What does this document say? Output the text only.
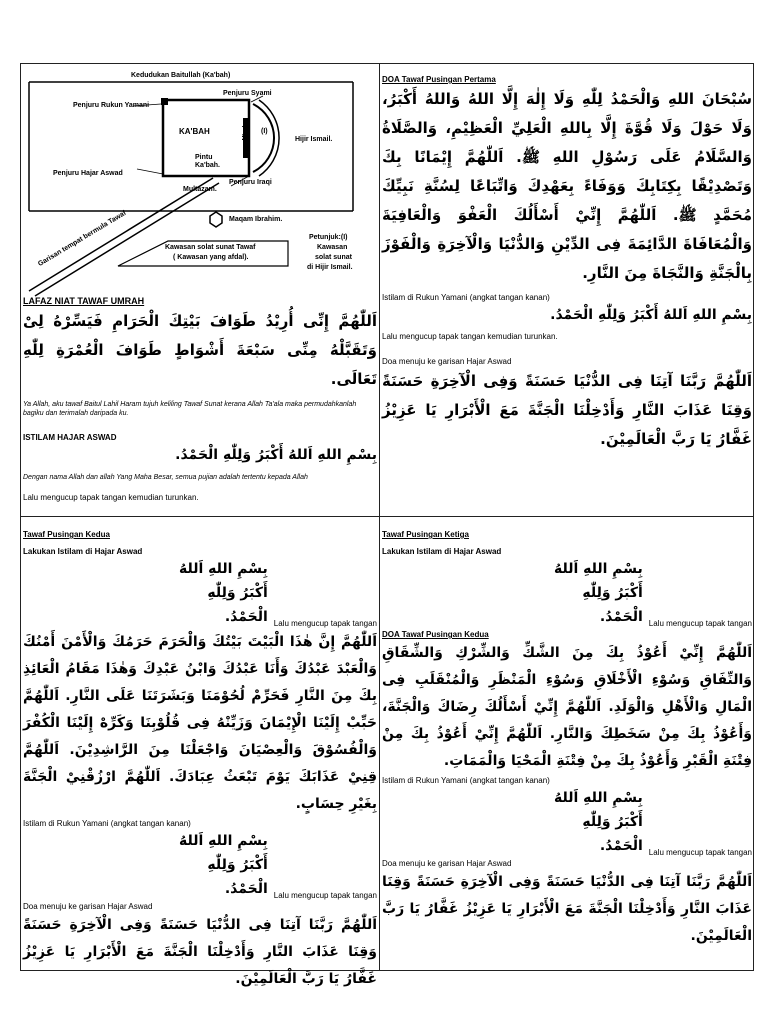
Kedudukan Baitullah (Ka'bah)
Penjuru Rukun Yamani
Penjuru Syami
KA'BAH	Mizab (I)
Hijir Ismail.
Pintu Ka'bah.
Penjuru Hajar Aswad
Penjuru Iraqi
Multazam.
Maqam Ibrahim.
Garisan tempat bermula Tawaf	Kawasan solat sunat Tawaf
( Kawasan yang afdal).
Petunjuk:(I)
Kawasan
solat sunat
di Hijir Ismail.

LAFAZ NIAT TAWAF UMRAH

اَللّٰهُمَّ إِنِّى أُرِيْدُ طَوَافَ بَيْتِكَ الْحَرَامِ فَيَسِّرْهُ لِىْ وَتَقَبَّلْهُ مِنِّى سَبْعَةَ أَشْوَاطٍ طَوَافَ الْعُمْرَةِ لِلّٰهِ تَعَالَى.

Ya Allah, aku tawaf Baitul Lahil Haram tujuh keliling Tawaf Sunat kerana Allah Ta'ala maka permudahkanlah bagiku dan terimalah daripada ku.

ISTILAM HAJAR ASWAD

بِسْمِ اللهِ اَللهُ أَكْبَرُ وَلِلّٰهِ الْحَمْدُ.

Dengan nama Allah dan allah Yang Maha Besar, semua pujian adalah tertentu kepada Allah

Lalu mengucup tapak tangan kemudian turunkan.

DOA Tawaf Pusingan Pertama

سُبْحَانَ اللهِ وَالْحَمْدُ لِلّٰهِ وَلَا إِلٰهَ إِلَّا اللهُ وَاللهُ أَكْبَرُ، وَلَا حَوْلَ وَلَا قُوَّةَ إِلَّا بِاللهِ الْعَلِيِّ الْعَظِيْمِ، وَالصَّلَاةُ وَالسَّلَامُ عَلَى رَسُوْلِ اللهِ ﷺ. اَللّٰهُمَّ إِيْمَانًا بِكَ وَتَصْدِيْقًا بِكِتَابِكَ وَوَفَاءً بِعَهْدِكَ وَاتِّبَاعًا لِسُنَّةِ نَبِيِّكَ مُحَمَّدٍ ﷺ. اَللّٰهُمَّ إِنِّيْ أَسْأَلُكَ الْعَفْوَ وَالْعَافِيَةَ وَالْمُعَافَاةَ الدَّائِمَةَ فِى الدِّيْنِ وَالدُّنْيَا وَالْآخِرَةِ وَالْفَوْزَ بِالْجَنَّةِ وَالنَّجَاةَ مِنَ النَّارِ.

Istilam di Rukun Yamani (angkat tangan kanan)

بِسْمِ اللهِ اَللهُ أَكْبَرُ وَلِلّٰهِ الْحَمْدُ.

Lalu mengucup tapak tangan kemudian turunkan.

Doa menuju ke garisan Hajar Aswad

اَللّٰهُمَّ رَبَّنَا آتِنَا فِى الدُّنْيَا حَسَنَةً وَفِى الْآخِرَةِ حَسَنَةً وَقِنَا عَذَابَ النَّارِ وَأَدْخِلْنَا الْجَنَّةَ مَعَ الْأَبْرَارِ يَا عَزِيْزُ غَفَّارُ يَا رَبَّ الْعَالَمِيْنَ.

Tawaf Pusingan Kedua

Lakukan Istilam di Hajar Aswad

Lalu mengucup tapak tangan
بِسْمِ اللهِ اَللهُ أَكْبَرُ وَلِلّٰهِ الْحَمْدُ.

اَللّٰهُمَّ إِنَّ هٰذَا الْبَيْتَ بَيْتُكَ وَالْحَرَمَ حَرَمُكَ وَالْأَمْنَ أَمْنُكَ وَالْعَبْدَ عَبْدُكَ وَأَنَا عَبْدُكَ وَابْنُ عَبْدِكَ وَهٰذَا مَقَامُ الْعَائِذِ بِكَ مِنَ النَّارِ فَحَرِّمْ لُحُوْمَنَا وَبَشَرَتَنَا عَلَى النَّارِ. اَللّٰهُمَّ حَبِّبْ إِلَيْنَا الْإِيْمَانَ وَزَيِّنْهُ فِى قُلُوْبِنَا وَكَرِّهْ إِلَيْنَا الْكُفْرَ وَالْفُسُوْقَ وَالْعِصْيَانَ وَاجْعَلْنَا مِنَ الرَّاشِدِيْنَ. اَللّٰهُمَّ قِنِيْ عَذَابَكَ يَوْمَ تَبْعَثُ عِبَادَكَ. اَللّٰهُمَّ ارْزُقْنِيْ الْجَنَّةَ بِغَيْرِ حِسَابٍ.

Istilam di Rukun Yamani (angkat tangan kanan)

Lalu mengucup tapak tangan
بِسْمِ اللهِ اَللهُ أَكْبَرُ وَلِلّٰهِ الْحَمْدُ.

Doa menuju ke garisan Hajar Aswad

اَللّٰهُمَّ رَبَّنَا آتِنَا فِى الدُّنْيَا حَسَنَةً وَفِى الْآخِرَةِ حَسَنَةً وَقِنَا عَذَابَ النَّارِ وَأَدْخِلْنَا الْجَنَّةَ مَعَ الْأَبْرَارِ يَا عَزِيْزُ غَفَّارُ يَا رَبَّ الْعَالَمِيْنَ.

Tawaf Pusingan Ketiga

Lakukan Istilam di Hajar Aswad

Lalu mengucup tapak tangan
بِسْمِ اللهِ اَللهُ أَكْبَرُ وَلِلّٰهِ الْحَمْدُ.

DOA Tawaf Pusingan Kedua

اَللّٰهُمَّ إِنِّيْ أَعُوْذُ بِكَ مِنَ الشَّكِّ وَالشِّرْكِ وَالشِّقَاقِ وَالنِّفَاقِ وَسُوْءِ الْأَخْلَاقِ وَسُوْءِ الْمَنْظَرِ وَالْمُنْقَلَبِ فِى الْمَالِ وَالْأَهْلِ وَالْوَلَدِ. اَللّٰهُمَّ إِنِّيْ أَسْأَلُكَ رِضَاكَ وَالْجَنَّةَ، وَأَعُوْذُ بِكَ مِنْ سَخَطِكَ وَالنَّارِ. اَللّٰهُمَّ إِنِّيْ أَعُوْذُ بِكَ مِنْ فِتْنَةِ الْقَبْرِ وَأَعُوْذُ بِكَ مِنْ فِتْنَةِ الْمَحْيَا وَالْمَمَاتِ.

Istilam di Rukun Yamani (angkat tangan kanan)

Lalu mengucup tapak tangan
بِسْمِ اللهِ اَللهُ أَكْبَرُ وَلِلّٰهِ الْحَمْدُ.

Doa menuju ke garisan Hajar Aswad

اَللّٰهُمَّ رَبَّنَا آتِنَا فِى الدُّنْيَا حَسَنَةً وَفِى الْآخِرَةِ حَسَنَةً وَقِنَا عَذَابَ النَّارِ وَأَدْخِلْنَا الْجَنَّةَ مَعَ الْأَبْرَارِ يَا عَزِيْزُ غَفَّارُ يَا رَبَّ الْعَالَمِيْنَ.
